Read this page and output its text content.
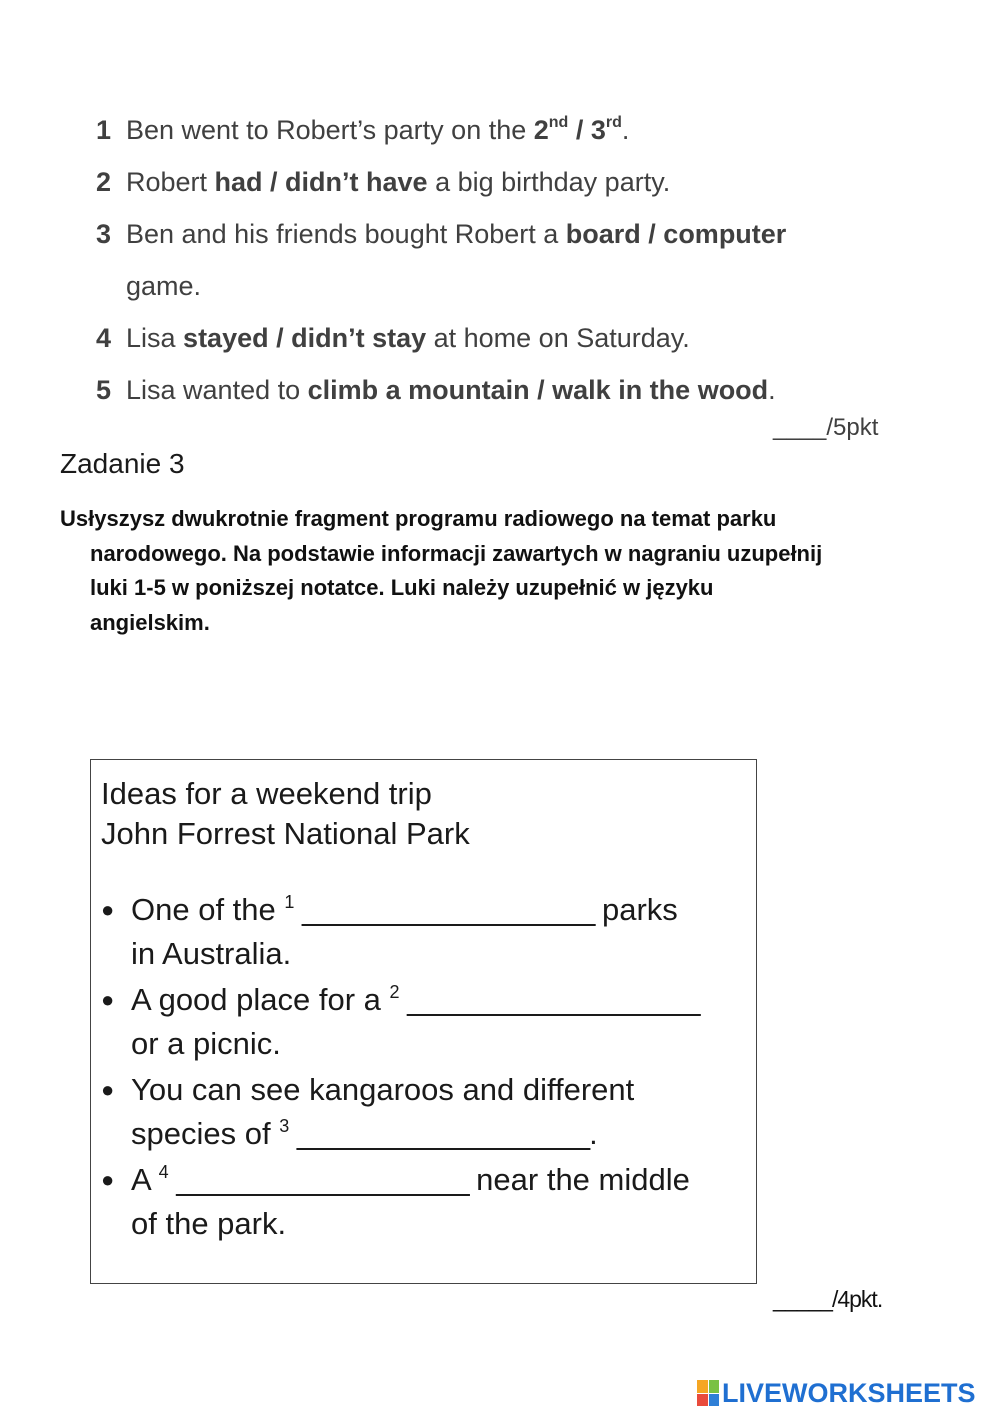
1 Ben went to Robert’s party on the 2nd / 3rd.
2 Robert had / didn’t have a big birthday party.
3 Ben and his friends bought Robert a board / computer
game.
4 Lisa stayed / didn’t stay at home on Saturday.
5 Lisa wanted to climb a mountain / walk in the wood.
____/5pkt
Zadanie 3
Usłyszysz dwukrotnie fragment programu radiowego na temat parku
narodowego. Na podstawie informacji zawartych w nagraniu uzupełnij
luki 1-5 w poniższej notatce. Luki należy uzupełnić w języku
angielskim.
Ideas for a weekend trip
John Forrest National Park
● One of the $^1$ __________________ parks
in Australia.
● A good place for a $^2$ __________________
or a picnic.
● You can see kangaroos and different
species of $^3$ __________________.
● A $^4$ __________________ near the middle
of the park.
_____/4pkt.
LIVEWORKSHEETS
